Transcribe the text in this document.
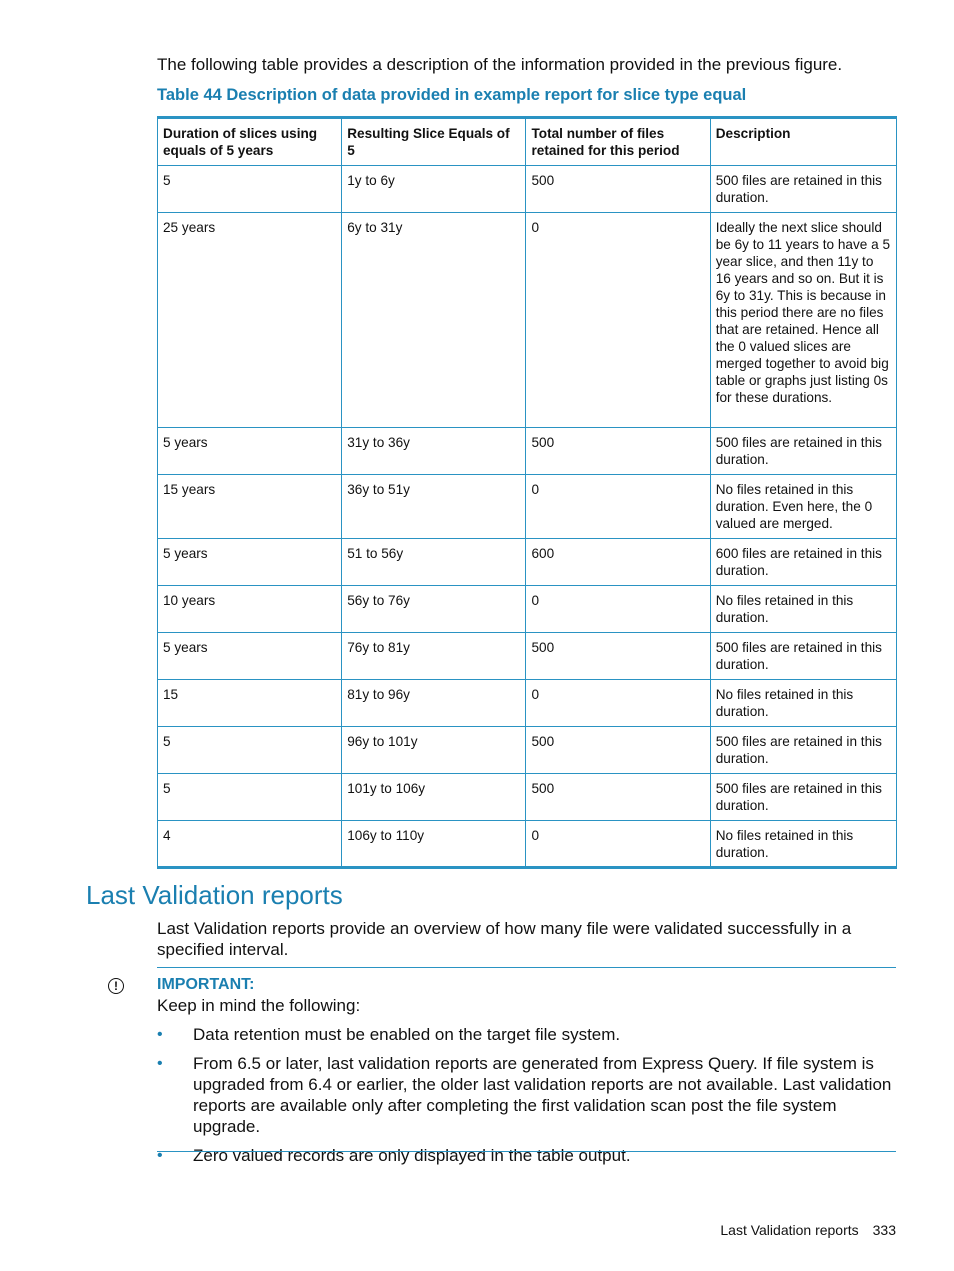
The following table provides a description of the information provided in the previous figure.

Table 44 Description of data provided in example report for slice type equal

Duration of slices using equals of 5 years	Resulting Slice Equals of 5	Total number of files retained for this period	Description
5	1y to 6y	500	500 files are retained in this duration.
25 years	6y to 31y	0	Ideally the next slice should be 6y to 11 years to have a 5 year slice, and then 11y to 16 years and so on. But it is 6y to 31y. This is because in this period there are no files that are retained. Hence all the 0 valued slices are merged together to avoid big table or graphs just listing 0s for these durations.
5 years	31y to 36y	500	500 files are retained in this duration.
15 years	36y to 51y	0	No files retained in this duration. Even here, the 0 valued are merged.
5 years	51 to 56y	600	600 files are retained in this duration.
10 years	56y to 76y	0	No files retained in this duration.
5 years	76y to 81y	500	500 files are retained in this duration.
15	81y to 96y	0	No files retained in this duration.
5	96y to 101y	500	500 files are retained in this duration.
5	101y to 106y	500	500 files are retained in this duration.
4	106y to 110y	0	No files retained in this duration.
Last Validation reports

Last Validation reports provide an overview of how many file were validated successfully in a specified interval.

!	IMPORTANT:
Keep in mind the following:
• Data retention must be enabled on the target file system.
• From 6.5 or later, last validation reports are generated from Express Query. If file system is upgraded from 6.4 or earlier, the older last validation reports are not available. Last validation reports are available only after completing the first validation scan post the file system upgrade.
• Zero valued records are only displayed in the table output.
Last Validation reports 333
